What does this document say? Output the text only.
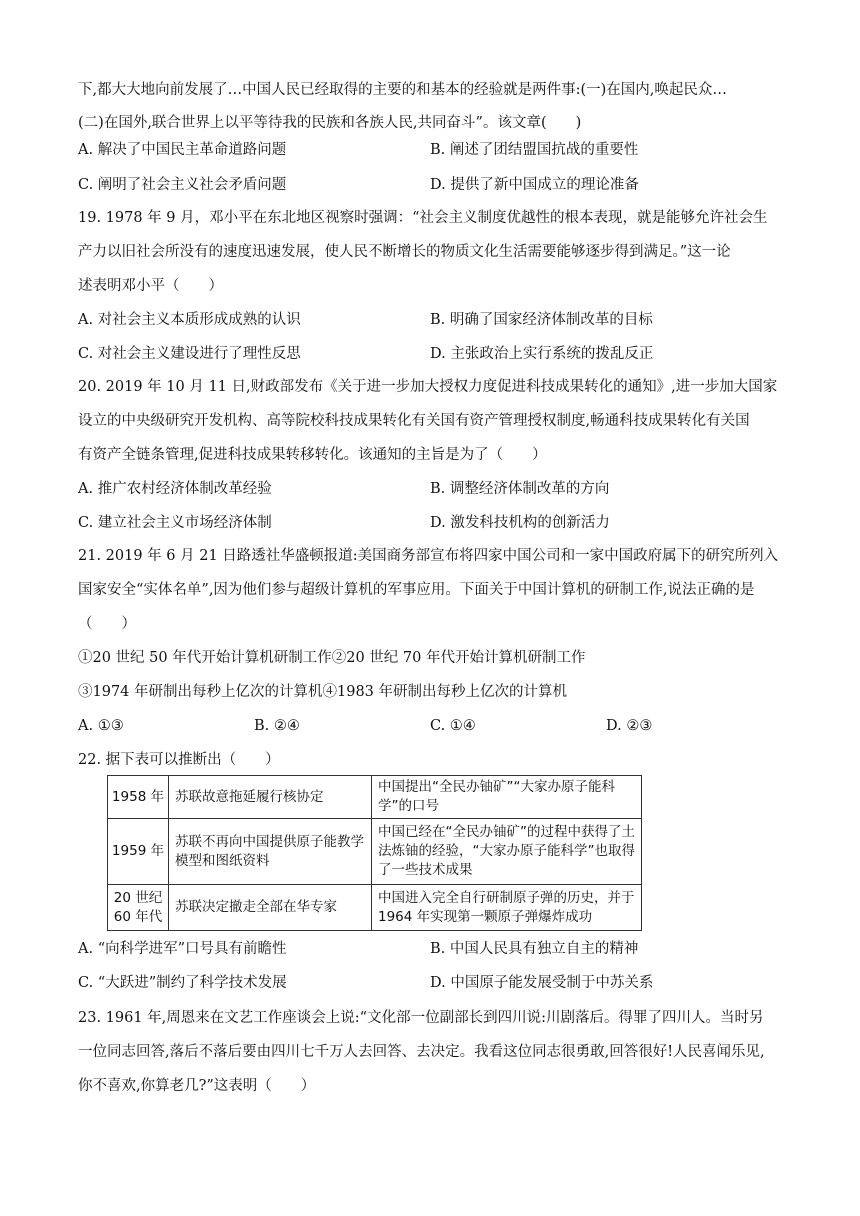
下,都大大地向前发展了…中国人民已经取得的主要的和基本的经验就是两件事:(一)在国内,唤起民众…
(二)在国外,联合世界上以平等待我的民族和各族人民,共同奋斗”。该文章(　　)
A. 解决了中国民主革命道路问题	B. 阐述了团结盟国抗战的重要性
C. 阐明了社会主义社会矛盾问题	D. 提供了新中国成立的理论准备
19. 1978 年 9 月，邓小平在东北地区视察时强调：“社会主义制度优越性的根本表现，就是能够允许社会生
产力以旧社会所没有的速度迅速发展，使人民不断增长的物质文化生活需要能够逐步得到满足。”这一论
述表明邓小平（　　）
A. 对社会主义本质形成成熟的认识	B. 明确了国家经济体制改革的目标
C. 对社会主义建设进行了理性反思	D. 主张政治上实行系统的拨乱反正
20. 2019 年 10 月 11 日,财政部发布《关于进一步加大授权力度促进科技成果转化的通知》,进一步加大国家
设立的中央级研究开发机构、高等院校科技成果转化有关国有资产管理授权制度,畅通科技成果转化有关国
有资产全链条管理,促进科技成果转移转化。该通知的主旨是为了（　　）
A. 推广农村经济体制改革经验	B. 调整经济体制改革的方向
C. 建立社会主义市场经济体制	D. 激发科技机构的创新活力
21. 2019 年 6 月 21 日路透社华盛顿报道:美国商务部宣布将四家中国公司和一家中国政府属下的研究所列入
国家安全“实体名单”,因为他们参与超级计算机的军事应用。下面关于中国计算机的研制工作,说法正确的是
（　　）
①20 世纪 50 年代开始计算机研制工作②20 世纪 70 年代开始计算机研制工作
③1974 年研制出每秒上亿次的计算机④1983 年研制出每秒上亿次的计算机
A. ①③	B. ②④	C. ①④	D. ②③
22. 据下表可以推断出（　　）
1958 年	苏联故意拖延履行核协定	中国提出“全民办铀矿”“大家办原子能科学”的口号
1959 年	苏联不再向中国提供原子能教学模型和图纸资料	中国已经在“全民办铀矿”的过程中获得了土法炼铀的经验，“大家办原子能科学”也取得了一些技术成果
20 世纪 60 年代	苏联决定撤走全部在华专家	中国进入完全自行研制原子弹的历史，并于 1964 年实现第一颗原子弹爆炸成功
A. “向科学进军”口号具有前瞻性	B. 中国人民具有独立自主的精神
C. “大跃进”制约了科学技术发展	D. 中国原子能发展受制于中苏关系
23. 1961 年,周恩来在文艺工作座谈会上说:“文化部一位副部长到四川说:川剧落后。得罪了四川人。当时另
一位同志回答,落后不落后要由四川七千万人去回答、去决定。我看这位同志很勇敢,回答很好!人民喜闻乐见,
你不喜欢,你算老几?”这表明（　　）
